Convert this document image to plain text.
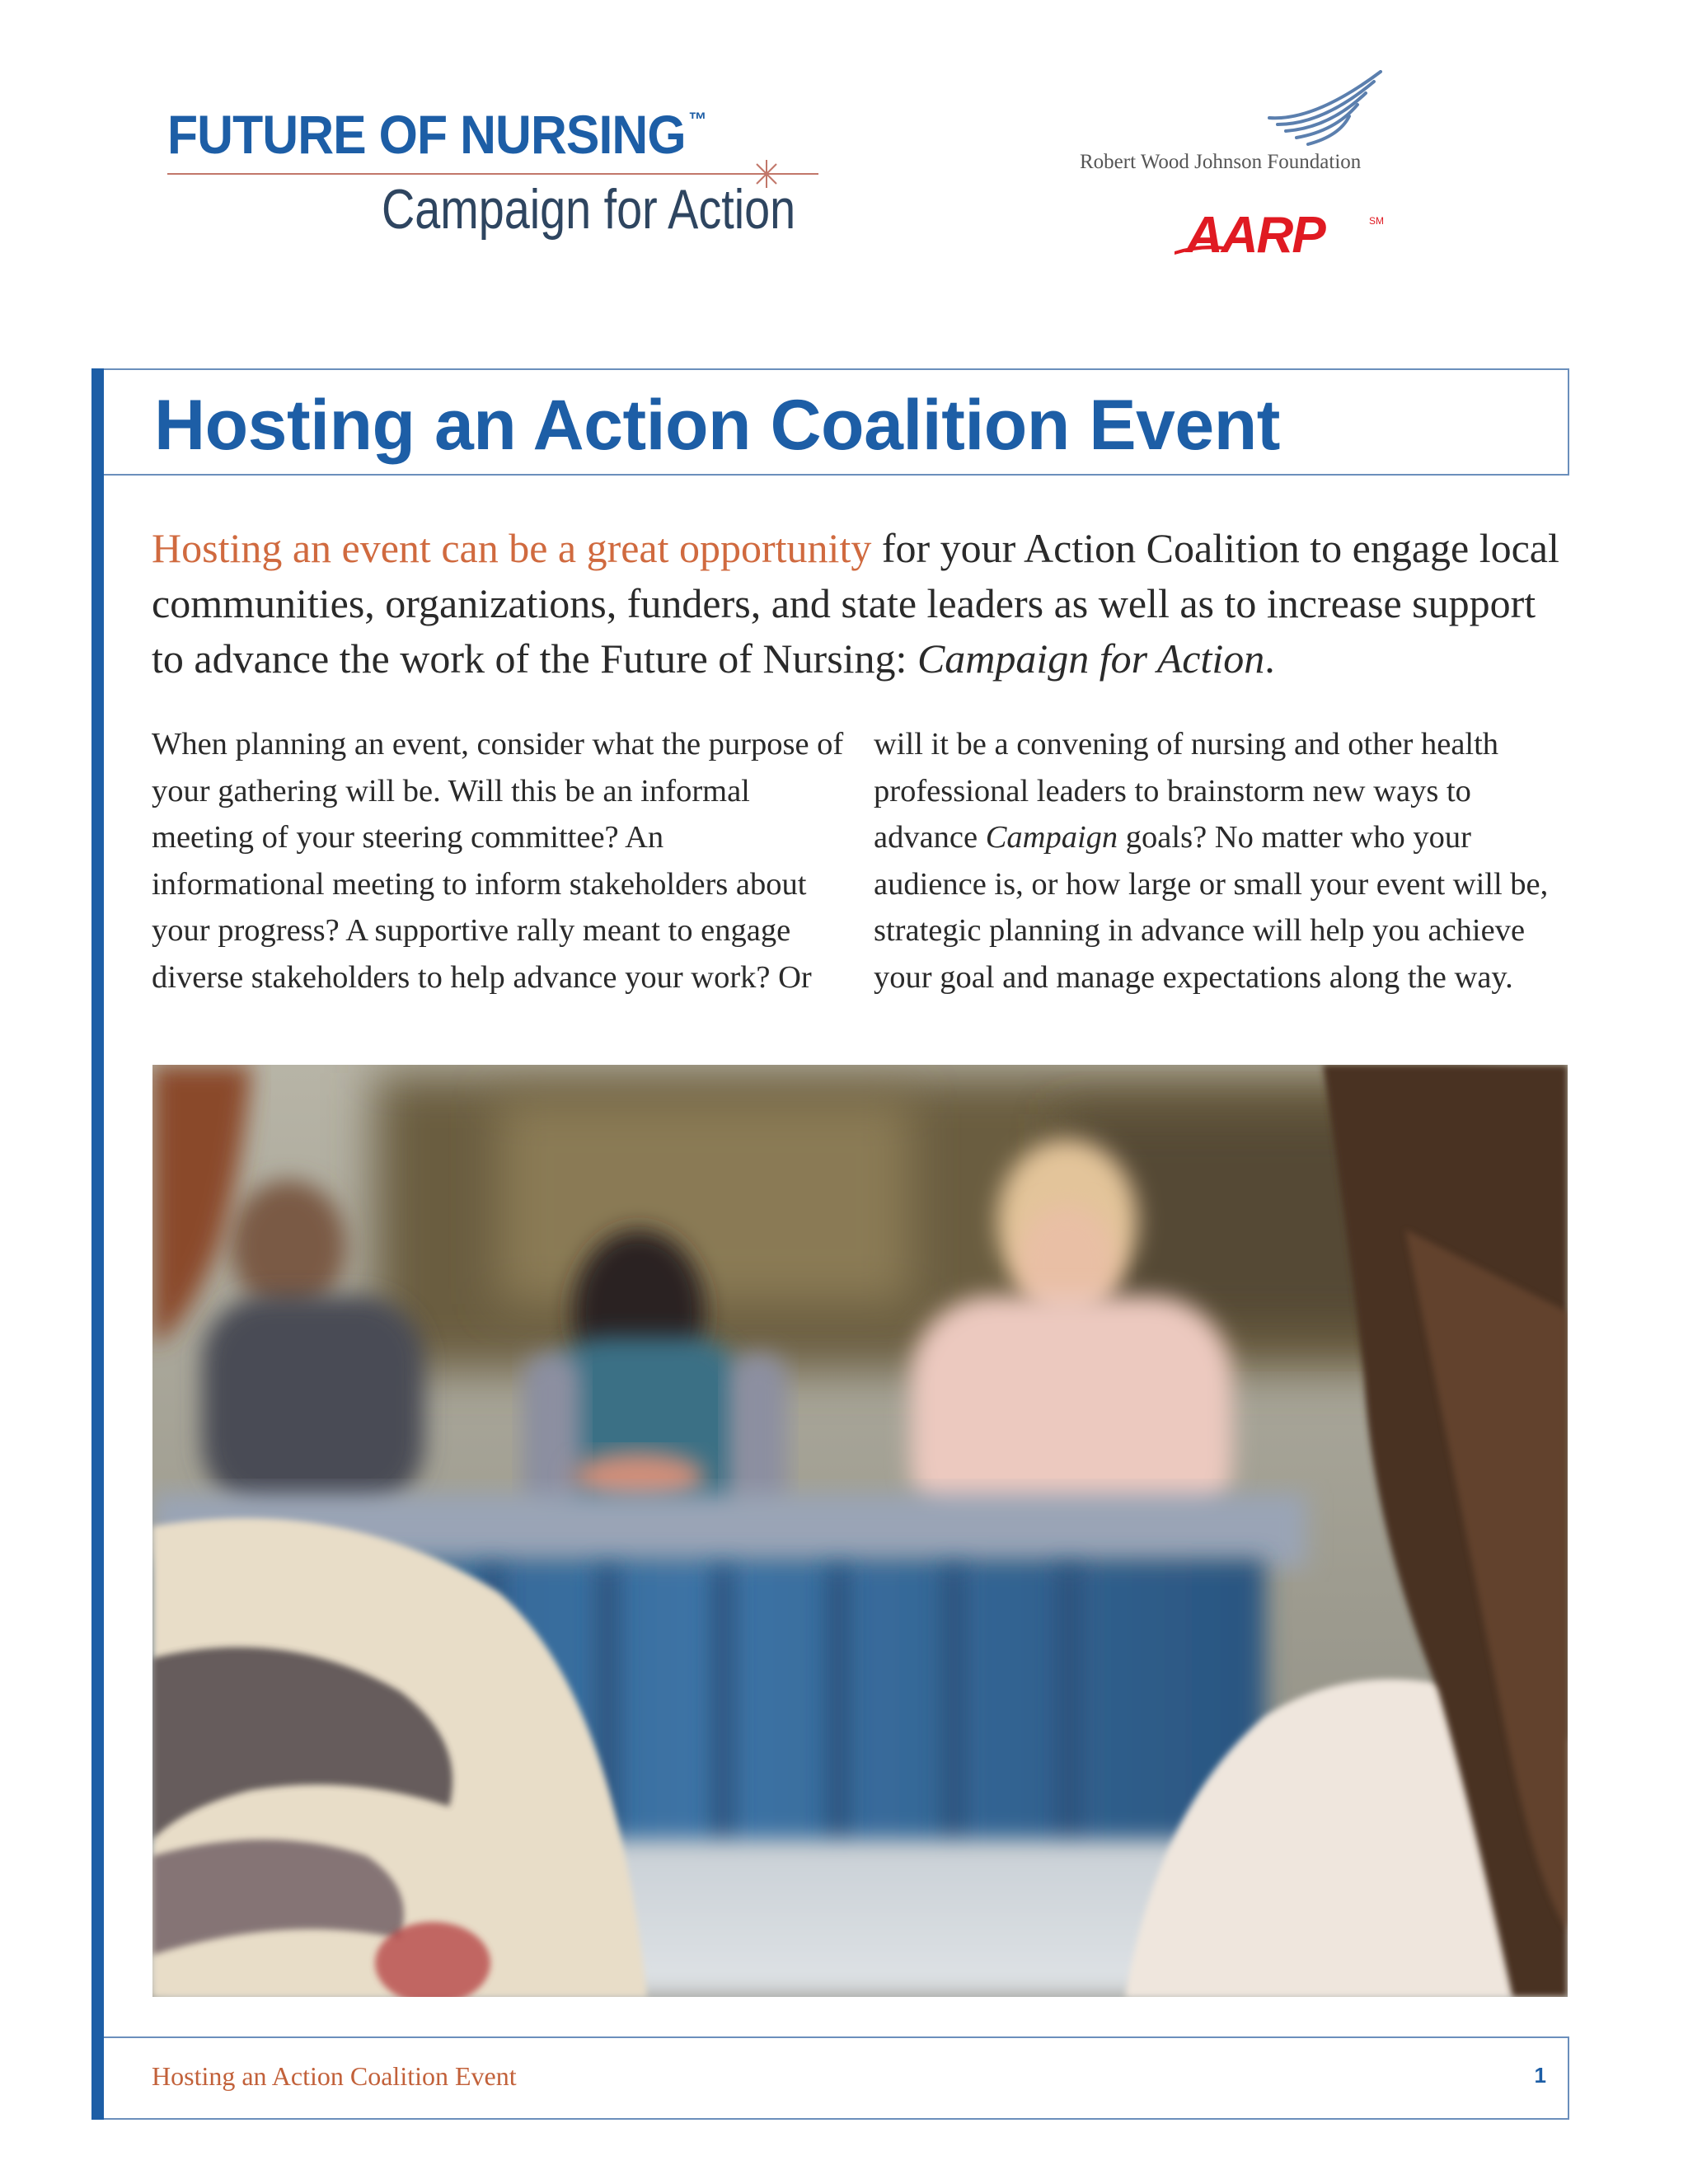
FUTURE OF NURSING ™
Campaign for Action
Robert Wood Johnson Foundation
AARP	SM
Hosting an Action Coalition Event
Hosting an event can be a great opportunity for your Action Coalition to engage local communities, organizations, funders, and state leaders as well as to increase support to advance the work of the Future of Nursing: Campaign for Action.
When planning an event, consider what the purpose of your gathering will be. Will this be an informal meeting of your steering committee? An informational meeting to inform stakeholders about your progress? A supportive rally meant to engage diverse stakeholders to help advance your work? Or
will it be a convening of nursing and other health professional leaders to brainstorm new ways to advance Campaign goals? No matter who your audience is, or how large or small your event will be, strategic planning in advance will help you achieve your goal and manage expectations along the way.
Hosting an Action Coalition Event	1
